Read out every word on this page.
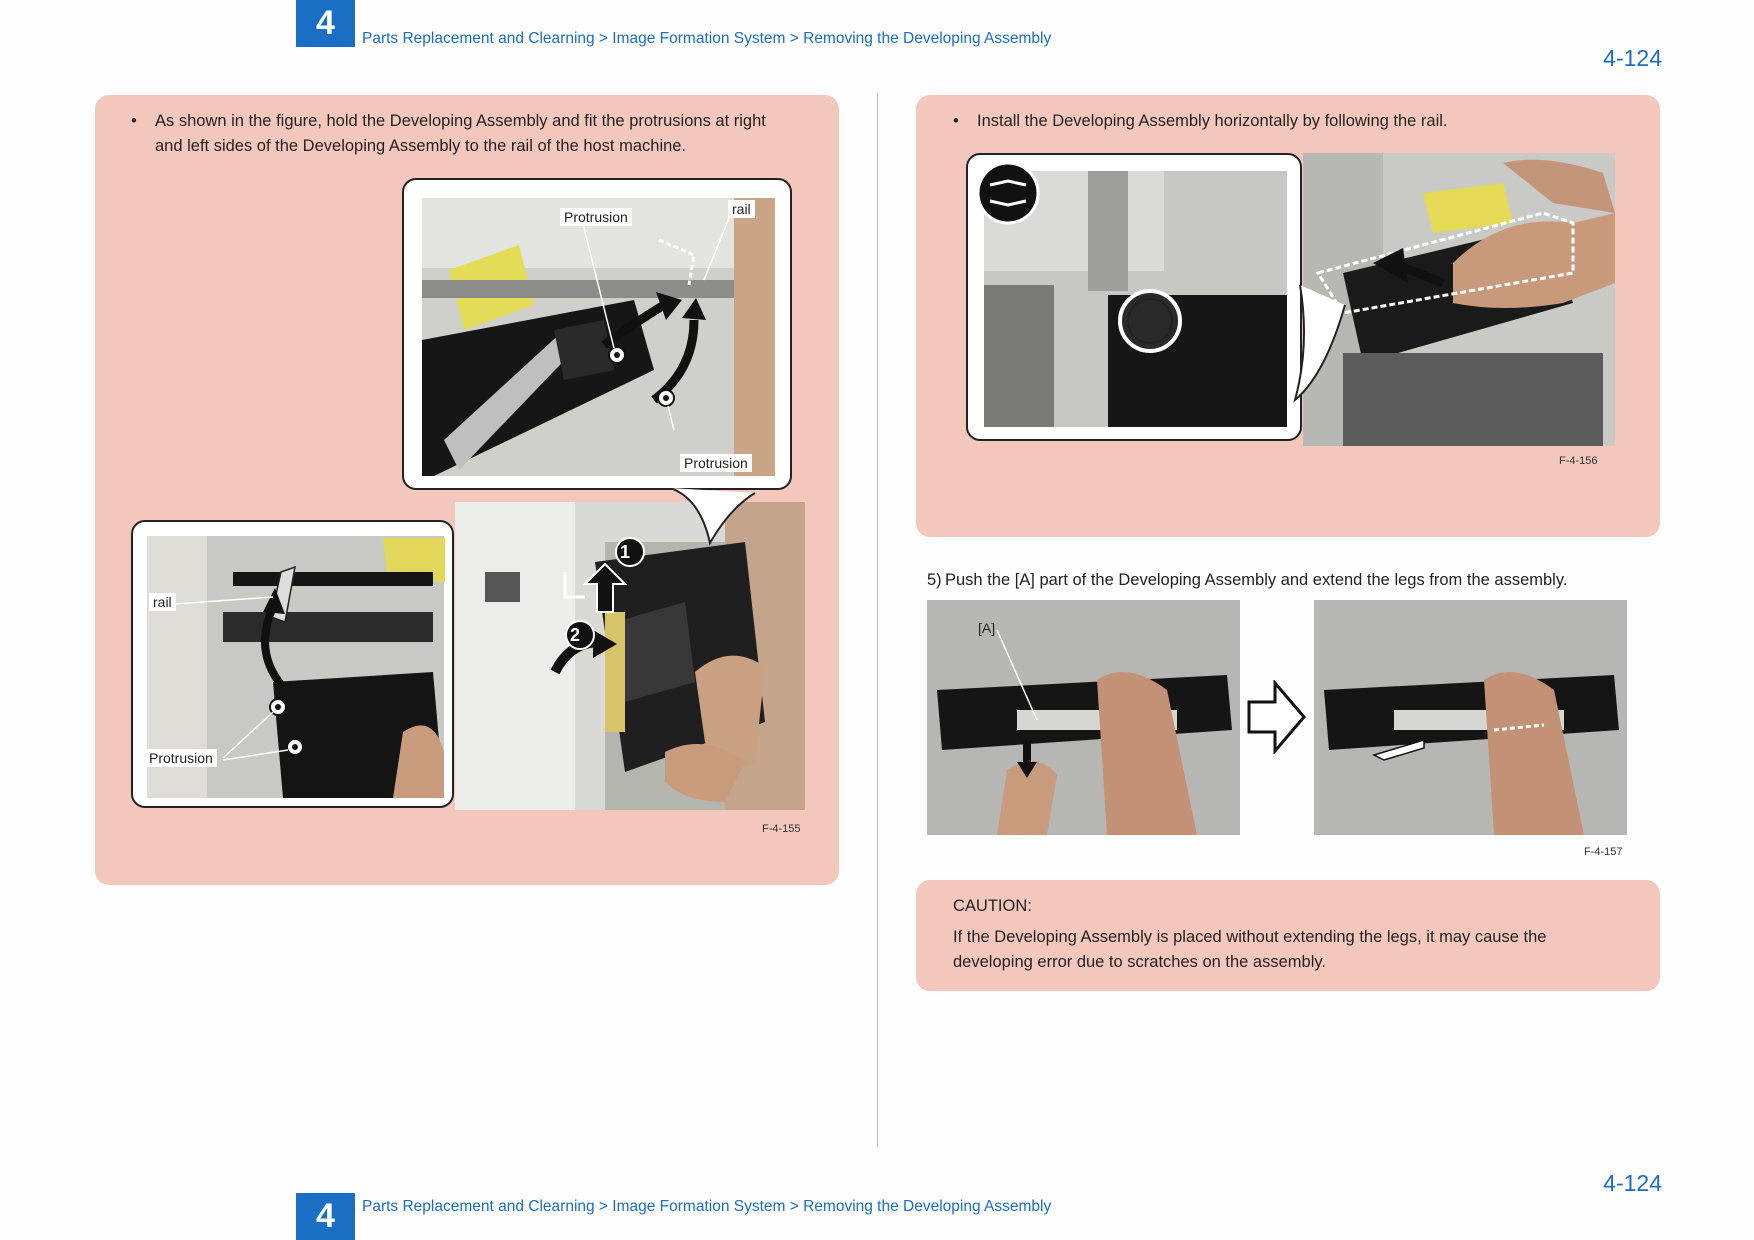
4	Parts Replacement and Clearning > Image Formation System > Removing the Developing Assembly
4-124
• As shown in the figure, hold the Developing Assembly and fit the protrusions at right
and left sides of the Developing Assembly to the rail of the host machine.
1
2
Protrusion	rail
Protrusion
rail
Protrusion
F-4-155
• Install the Developing Assembly horizontally by following the rail.
F-4-156
5) Push the [A] part of the Developing Assembly and extend the legs from the assembly.
[A]
F-4-157
CAUTION:
If the Developing Assembly is placed without extending the legs, it may cause the
developing error due to scratches on the assembly.
4-124
4	Parts Replacement and Clearning > Image Formation System > Removing the Developing Assembly
